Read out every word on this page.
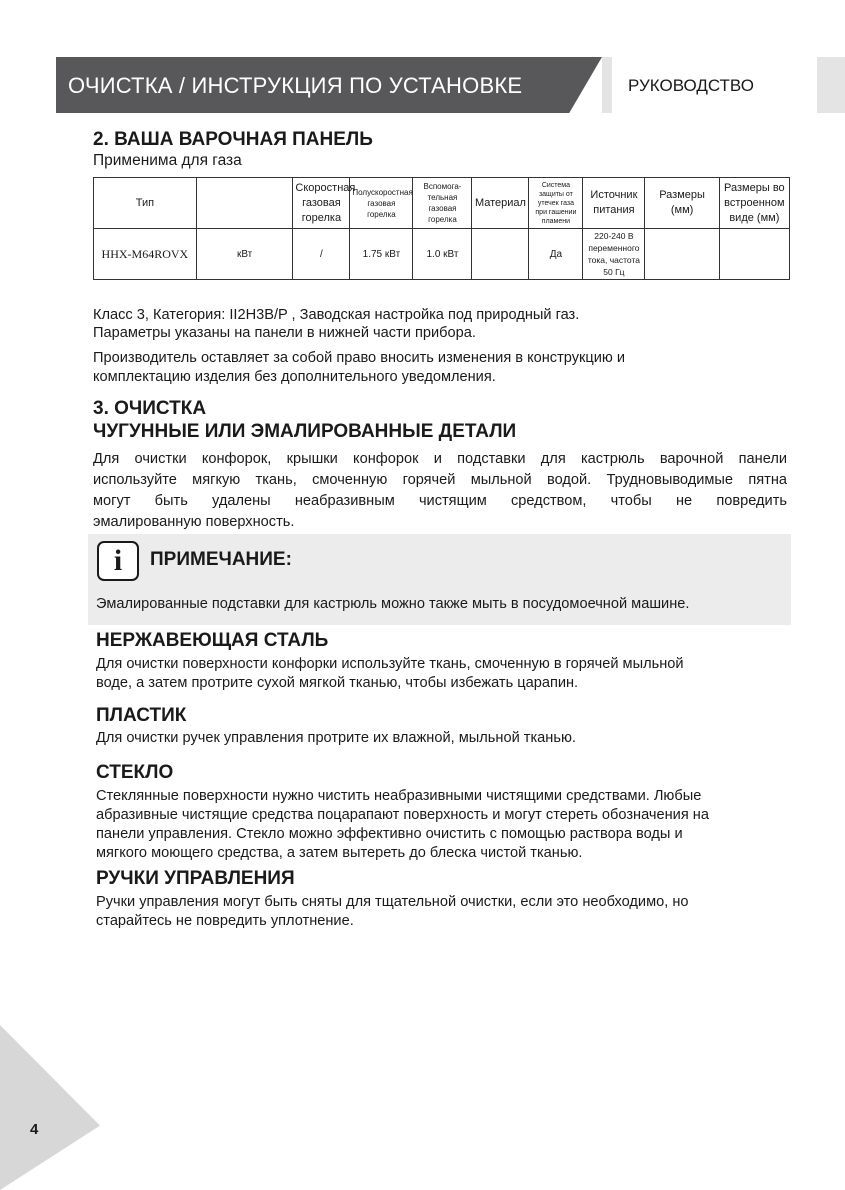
ОЧИСТКА / ИНСТРУКЦИЯ ПО УСТАНОВКЕ	РУКОВОДСТВО
2. ВАША ВАРОЧНАЯ ПАНЕЛЬ
Применима для газа
Тип		Скоростная газовая горелка	Полускоростная газовая горелка	Вспомога-тельная газовая горелка	Материал	Система защиты от утечек газа при гашении пламени	Источник питания	Размеры (мм)	Размеры во встроенном виде (мм)
HHX-M64ROVX	кВт	/	1.75 кВт	1.0 кВт		Да	220-240 В переменного тока, частота 50 Гц		
Класс 3, Категория: II2H3B/P , Заводская настройка под природный газ.
Параметры указаны на панели в нижней части прибора.
Производитель оставляет за собой право вносить изменения в конструкцию и
комплектацию изделия без дополнительного уведомления.
3. ОЧИСТКА
ЧУГУННЫЕ ИЛИ ЭМАЛИРОВАННЫЕ ДЕТАЛИ
Для очистки конфорок, крышки конфорок и подставки для кастрюль варочной панели
используйте мягкую ткань, смоченную горячей мыльной водой. Трудновыводимые пятна
могут быть удалены неабразивным чистящим средством, чтобы не повредить
эмалированную поверхность.
i	ПРИМЕЧАНИЕ:
Эмалированные подставки для кастрюль можно также мыть в посудомоечной машине.
НЕРЖАВЕЮЩАЯ СТАЛЬ
Для очистки поверхности конфорки используйте ткань, смоченную в горячей мыльной
воде, а затем протрите сухой мягкой тканью, чтобы избежать царапин.
ПЛАСТИК
Для очистки ручек управления протрите их влажной, мыльной тканью.
СТЕКЛО
Стеклянные поверхности нужно чистить неабразивными чистящими средствами. Любые
абразивные чистящие средства поцарапают поверхность и могут стереть обозначения на
панели управления. Стекло можно эффективно очистить с помощью раствора воды и
мягкого моющего средства, а затем вытереть до блеска чистой тканью.
РУЧКИ УПРАВЛЕНИЯ
Ручки управления могут быть сняты для тщательной очистки, если это необходимо, но
старайтесь не повредить уплотнение.
4
